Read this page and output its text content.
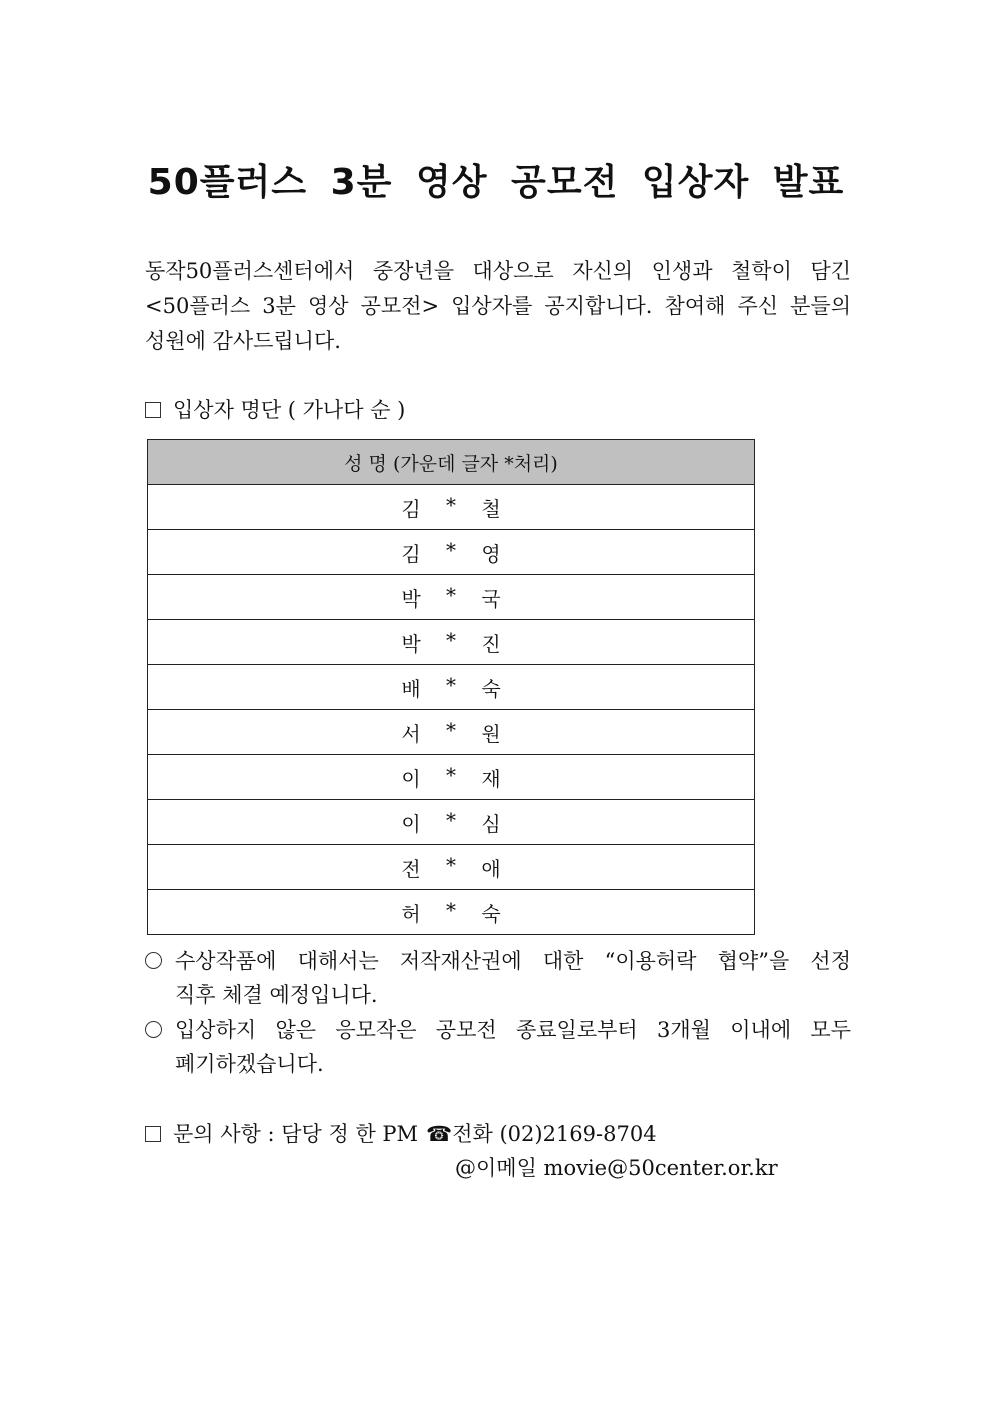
50플러스 3분 영상 공모전 입상자 발표
동작50플러스센터에서 중장년을 대상으로 자신의 인생과 철학이 담긴
<50플러스 3분 영상 공모전> 입상자를 공지합니다. 참여해 주신 분들의
성원에 감사드립니다.
입상자 명단 ( 가나다 순 )
성 명 (가운데 글자 *처리)

김 * 철

김 * 영

박 * 국

박 * 진

배 * 숙

서 * 원

이 * 재

이 * 심

전 * 애

허 * 숙
수상작품에 대해서는 저작재산권에 대한 “이용허락 협약”을 선정
직후 체결 예정입니다.
입상하지 않은 응모작은 공모전 종료일로부터 3개월 이내에 모두
폐기하겠습니다.
문의 사항 : 담당 정 한 PM ☎전화 (02)2169-8704
@이메일 movie@50center.or.kr
